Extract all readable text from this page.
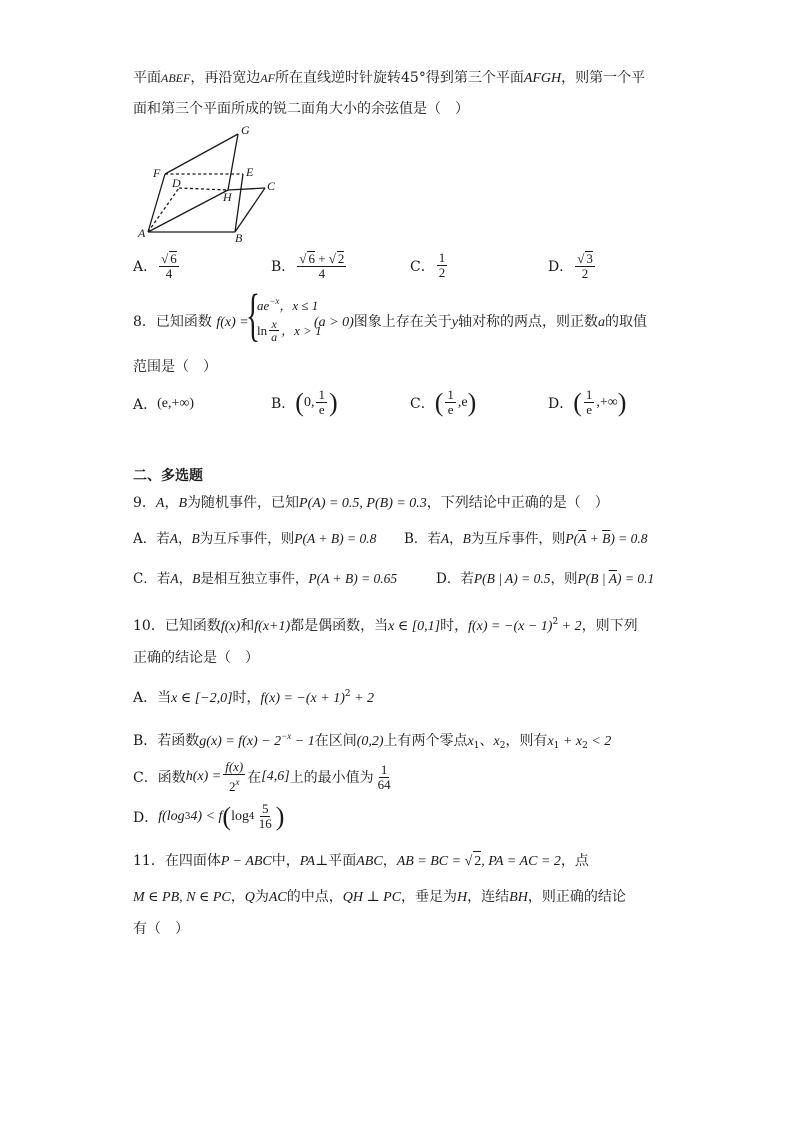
平面ABEF，再沿宽边AF所在直线逆时针旋转45°得到第三个平面AFGH，则第一个平
面和第三个平面所成的锐二面角大小的余弦值是（　）
G
F	E
D
H
C
A	B
A． $\frac{√ 6}{4}$	B． $\frac{√ 6 + √ 2}{4}$	C． $\frac{1}{2}$	D． $\frac{√ 3}{2}$
8．已知函数 f(x) =
{
$ae^{-x}$，x ≤ 1
$\ln \frac{x}{a}$ ，x > 1
(a > 0)图象上存在关于y轴对称的两点，则正数a的取值
范围是（　）
A． (e,+∞)	B． ( 0, $\frac{1}{e}$ )	C． ( $\frac{1}{e} ,e$ )	D． ( $\frac{1}{e}$ ,+∞ )
二、多选题
9．A，B为随机事件，已知P(A) = 0.5, P(B) = 0.3，下列结论中正确的是（　）
A．若A，B为互斥事件，则P(A + B) = 0.8 B．若A，B为互斥事件，则$P(\overline{A} + \overline{B}) = 0.8$
C．若A，B是相互独立事件，P(A + B) = 0.65	D．若P(B | A) = 0.5，则P(B | $\overline{A}) = 0.1$
10．已知函数f(x)和f(x+1)都是偶函数，当x ∈ [0,1]时，$f(x) = -(x - 1)^2 + 2$，则下列
正确的结论是（　）
A．当x ∈ [−2,0]时，$f(x) = -(x + 1)^2 + 2$
B．若函数$g(x) = f(x) - 2^{-x} - 1$在区间(0,2)上有两个零点$x_1$、$x_2$，则有$x_1 + x_2 < 2$
C．函数 $h(x) = \frac{f(x)}{2^x}$ 在 [4,6] 上的最小值为 $\frac{1}{64}$
D． f(log 3 4) < f ( $\log 4 \frac{5}{16}$ )
11．在四面体P − ABC中，PA⊥平面ABC，AB = BC = √ 2, PA = AC = 2，点
M ∈ PB, N ∈ PC，Q为AC的中点，QH ⊥ PC，垂足为H，连结BH，则正确的结论
有（　）
